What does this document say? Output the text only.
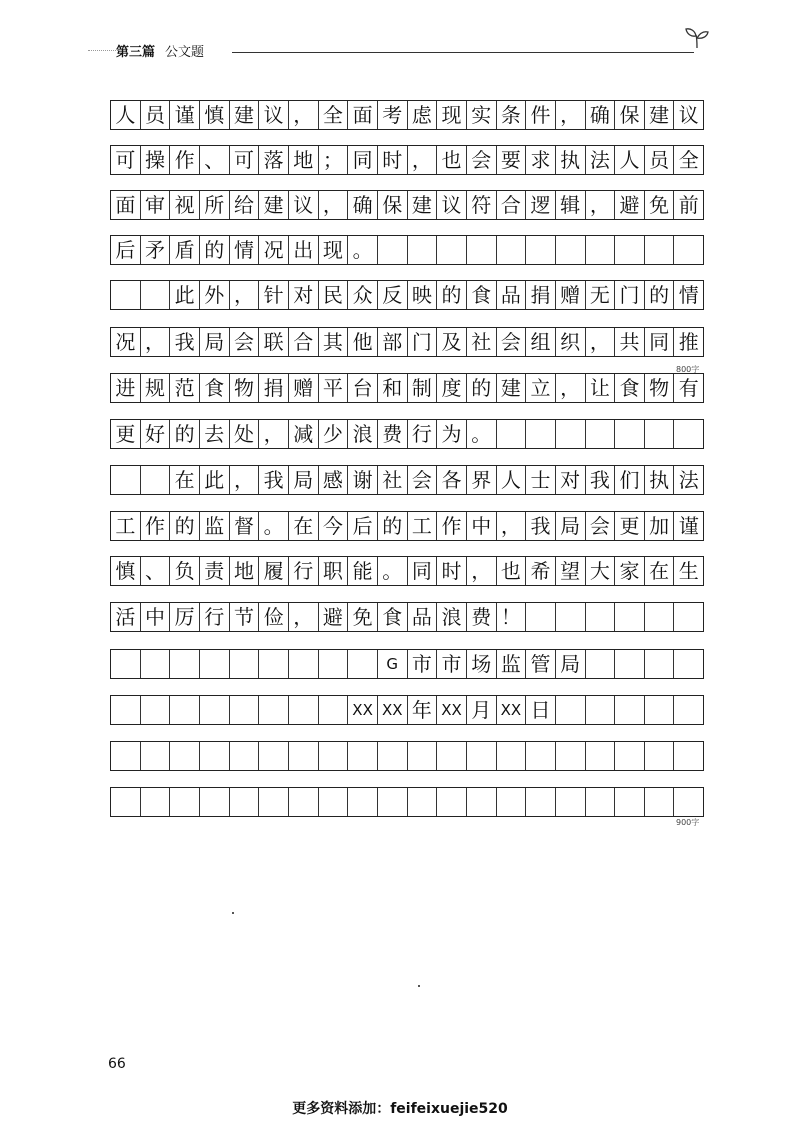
第三篇 公文题
人 员 谨 慎 建 议 ， 全 面 考 虑 现 实 条 件 ， 确 保 建 议
可 操 作 、 可 落 地 ； 同 时 ， 也 会 要 求 执 法 人 员 全
面 审 视 所 给 建 议 ， 确 保 建 议 符 合 逻 辑 ， 避 免 前
后 矛 盾 的 情 况 出 现 。
此 外 ， 针 对 民 众 反 映 的 食 品 捐 赠 无 门 的 情
况 ， 我 局 会 联 合 其 他 部 门 及 社 会 组 织 ， 共 同 推
进 规 范 食 物 捐 赠 平 台 和 制 度 的 建 立 ， 让 食 物 有
更 好 的 去 处 ， 减 少 浪 费 行 为 。
在 此 ， 我 局 感 谢 社 会 各 界 人 士 对 我 们 执 法
工 作 的 监 督 。 在 今 后 的 工 作 中 ， 我 局 会 更 加 谨
慎 、 负 责 地 履 行 职 能 。 同 时 ， 也 希 望 大 家 在 生
活 中 厉 行 节 俭 ， 避 免 食 品 浪 费 ！
G 市 市 场 监 管 局
XX XX 年 XX 月 XX 日
800字
900字
66
更多资料添加：feifeixuejie520
